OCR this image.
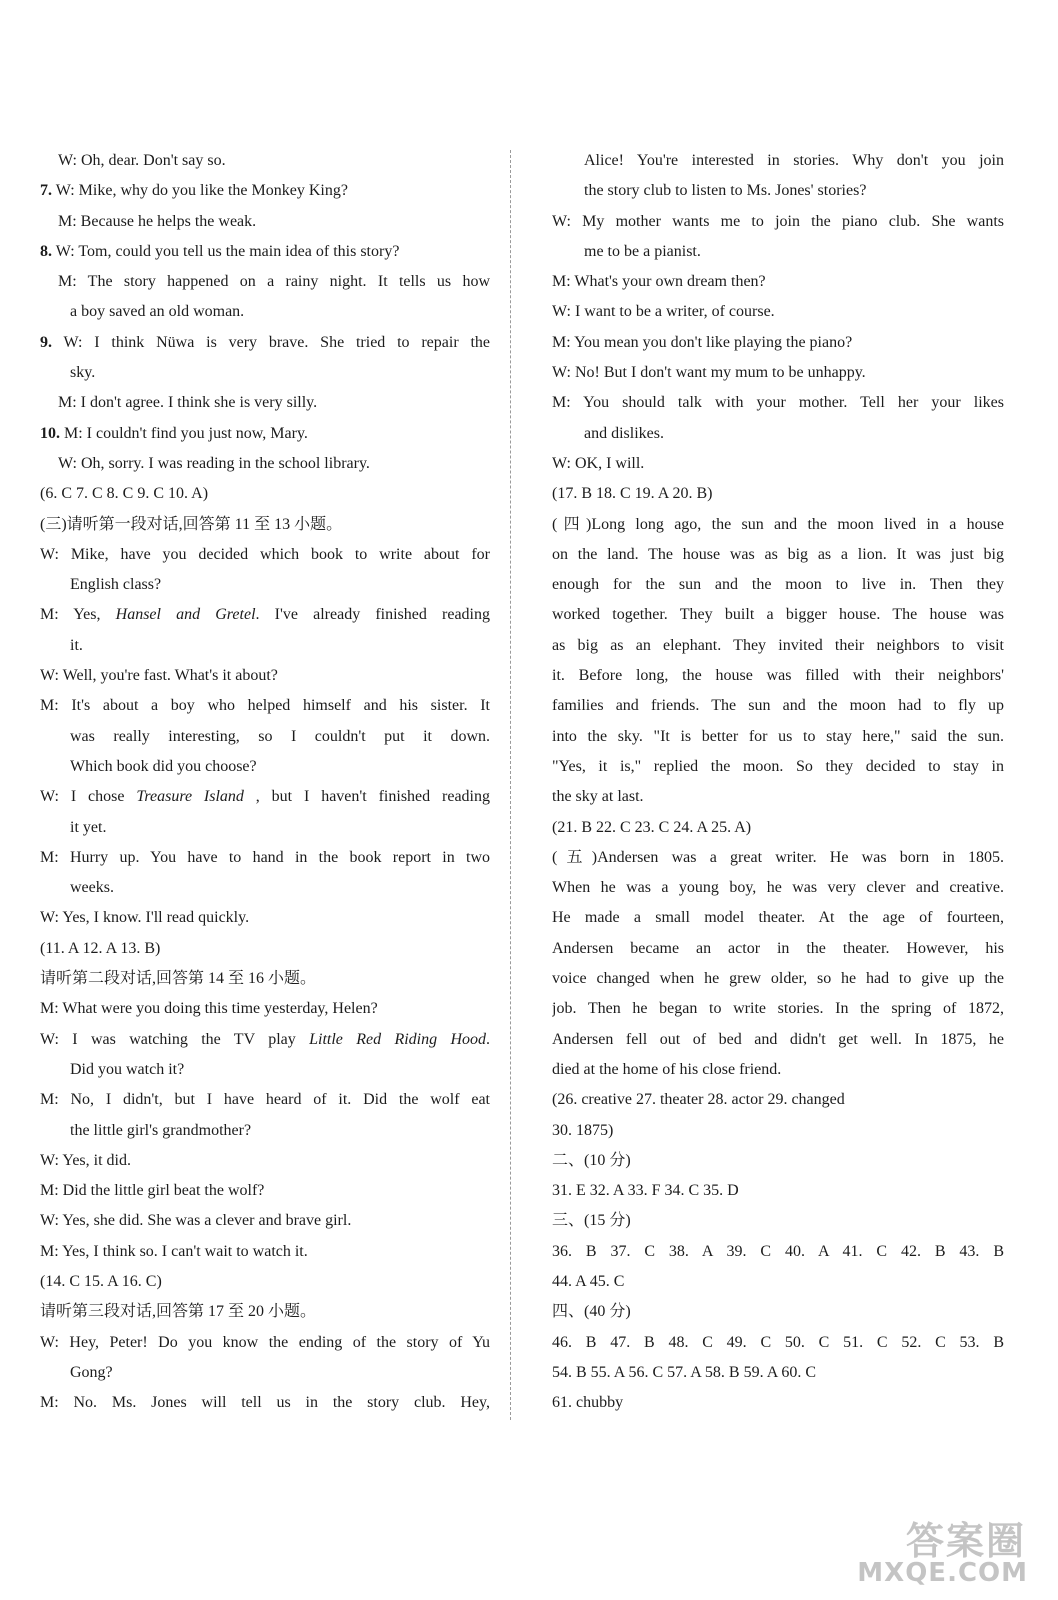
W: Oh, dear. Don't say so.
7. W: Mike, why do you like the Monkey King?
M: Because he helps the weak.
8. W: Tom, could you tell us the main idea of this story?
M: The story happened on a rainy night. It tells us how
a boy saved an old woman.
9. W: I think Nüwa is very brave. She tried to repair the
sky.
M: I don't agree. I think she is very silly.
10. M: I couldn't find you just now, Mary.
W: Oh, sorry. I was reading in the school library.
(6. C 7. C 8. C 9. C 10. A)
(三)请听第一段对话,回答第 11 至 13 小题。
W: Mike, have you decided which book to write about for
English class?
M: Yes, Hansel and Gretel. I've already finished reading
it.
W: Well, you're fast. What's it about?
M: It's about a boy who helped himself and his sister. It
was really interesting, so I couldn't put it down.
Which book did you choose?
W: I chose Treasure Island , but I haven't finished reading
it yet.
M: Hurry up. You have to hand in the book report in two
weeks.
W: Yes, I know. I'll read quickly.
(11. A 12. A 13. B)
请听第二段对话,回答第 14 至 16 小题。
M: What were you doing this time yesterday, Helen?
W: I was watching the TV play Little Red Riding Hood.
Did you watch it?
M: No, I didn't, but I have heard of it. Did the wolf eat
the little girl's grandmother?
W: Yes, it did.
M: Did the little girl beat the wolf?
W: Yes, she did. She was a clever and brave girl.
M: Yes, I think so. I can't wait to watch it.
(14. C 15. A 16. C)
请听第三段对话,回答第 17 至 20 小题。
W: Hey, Peter! Do you know the ending of the story of Yu
Gong?
M: No. Ms. Jones will tell us in the story club. Hey,
Alice! You're interested in stories. Why don't you join
the story club to listen to Ms. Jones' stories?
W: My mother wants me to join the piano club. She wants
me to be a pianist.
M: What's your own dream then?
W: I want to be a writer, of course.
M: You mean you don't like playing the piano?
W: No! But I don't want my mum to be unhappy.
M: You should talk with your mother. Tell her your likes
and dislikes.
W: OK, I will.
(17. B 18. C 19. A 20. B)
(四)Long long ago, the sun and the moon lived in a house
on the land. The house was as big as a lion. It was just big
enough for the sun and the moon to live in. Then they
worked together. They built a bigger house. The house was
as big as an elephant. They invited their neighbors to visit
it. Before long, the house was filled with their neighbors'
families and friends. The sun and the moon had to fly up
into the sky. "It is better for us to stay here," said the sun.
"Yes, it is," replied the moon. So they decided to stay in
the sky at last.
(21. B 22. C 23. C 24. A 25. A)
(五)Andersen was a great writer. He was born in 1805.
When he was a young boy, he was very clever and creative.
He made a small model theater. At the age of fourteen,
Andersen became an actor in the theater. However, his
voice changed when he grew older, so he had to give up the
job. Then he began to write stories. In the spring of 1872,
Andersen fell out of bed and didn't get well. In 1875, he
died at the home of his close friend.
(26. creative 27. theater 28. actor 29. changed
30. 1875)
二、(10 分)
31. E 32. A 33. F 34. C 35. D
三、(15 分)
36. B 37. C 38. A 39. C 40. A 41. C 42. B 43. B
44. A 45. C
四、(40 分)
46. B 47. B 48. C 49. C 50. C 51. C 52. C 53. B
54. B 55. A 56. C 57. A 58. B 59. A 60. C
61. chubby
答案圈
MXQE.COM
